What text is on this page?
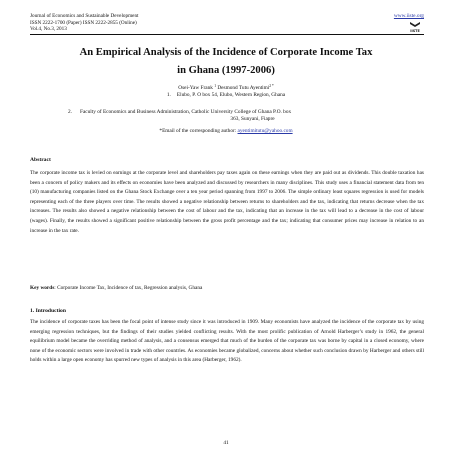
Journal of Economics and Sustainable Development
ISSN 2222-1700 (Paper) ISSN 2222-2855 (Online)
Vol.4, No.3, 2013
www.iiste.org
IISTE
An Empirical Analysis of the Incidence of Corporate Income Tax
in Ghana (1997-2006)
Osei-Yaw Frank $^1$ Desmond Tutu Ayentimi$^{2 *}$
1. Elubo, P. O box 54, Elubo, Western Region, Ghana
2. Faculty of Economics and Business Administration, Catholic University College of Ghana P.O. box
363, Sunyani, Fiapre
*Email of the corresponding author: ayentimitutu@yahoo.com
Abstract
The corporate income tax is levied on earnings at the corporate level and shareholders pay taxes again on these earnings when they are paid out as dividends. This double taxation has been a concern of policy makers and its effects on economies have been analyzed and discussed by researchers in many disciplines. This study uses a financial statement data from ten (10) manufacturing companies listed on the Ghana Stock Exchange over a ten year period spanning from 1997 to 2006. The simple ordinary least squares regression is used for models representing each of the three players over time. The results showed a negative relationship between returns to shareholders and the tax, indicating that returns decrease when the tax increases. The results also showed a negative relationship between the cost of labour and the tax, indicating that an increase in the tax will lead to a decrease in the cost of labour (wages). Finally, the results showed a significant positive relationship between the gross profit percentage and the tax; indicating that consumer prices may increase in relation to an increase in the tax rate.
Key words: Corporate Income Tax, Incidence of tax, Regression analysis, Ghana
1. Introduction
The incidence of corporate taxes has been the focal point of intense study since it was introduced in 1909. Many economists have analyzed the incidence of the corporate tax by using emerging regression techniques, but the findings of their studies yielded conflicting results. With the most prolific publication of Arnold Harberger’s study in 1962, the general equilibrium model became the overriding method of analysis, and a consensus emerged that much of the burden of the corporate tax was borne by capital in a closed economy, where none of the economic sectors were involved in trade with other countries. As economies became globalized, concerns about whether such conclusion drawn by Harberger and others still holds within a large open economy has spurred new types of analysis in this area (Harberger, 1962).
41
